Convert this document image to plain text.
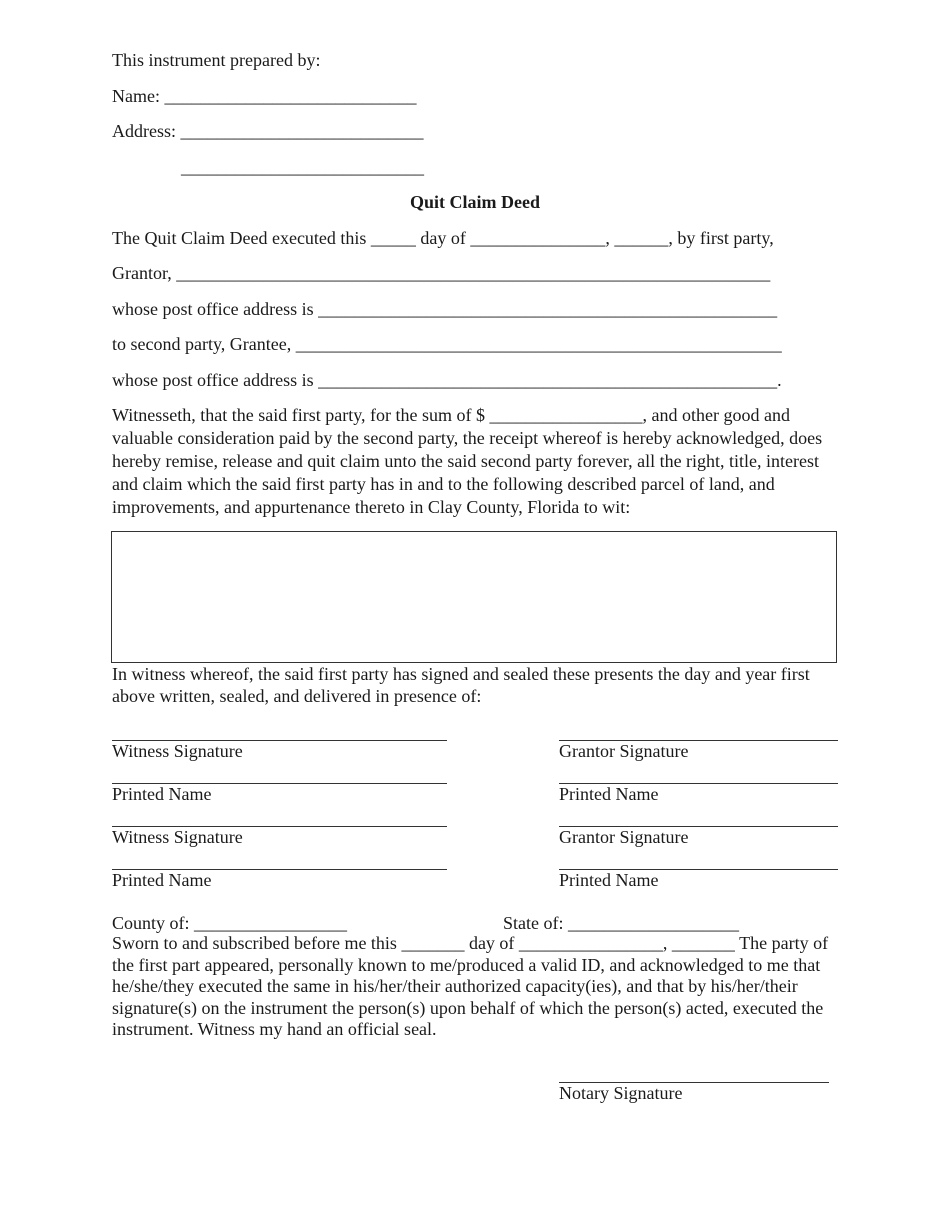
This instrument prepared by:
Name: ____________________________
Address: ___________________________
___________________________
Quit Claim Deed
The Quit Claim Deed executed this _____ day of _______________, ______, by first party,
Grantor, __________________________________________________________________
whose post office address is ___________________________________________________
to second party, Grantee, ______________________________________________________
whose post office address is ___________________________________________________.
Witnesseth, that the said first party, for the sum of $ _________________, and other good and valuable consideration paid by the second party, the receipt whereof is hereby acknowledged, does hereby remise, release and quit claim unto the said second party forever, all the right, title, interest and claim which the said first party has in and to the following described parcel of land, and improvements, and appurtenance thereto in Clay County, Florida to wit:
In witness whereof, the said first party has signed and sealed these presents the day and year first above written, sealed, and delivered in presence of:
Witness Signature
Printed Name
Witness Signature
Printed Name
Grantor Signature
Printed Name
Grantor Signature
Printed Name
County of: _________________	State of: ___________________
Sworn to and subscribed before me this _______ day of ________________, _______ The party of the first part appeared, personally known to me/produced a valid ID, and acknowledged to me that he/she/they executed the same in his/her/their authorized capacity(ies), and that by his/her/their signature(s) on the instrument the person(s) upon behalf of which the person(s) acted, executed the instrument. Witness my hand an official seal.
Notary Signature
